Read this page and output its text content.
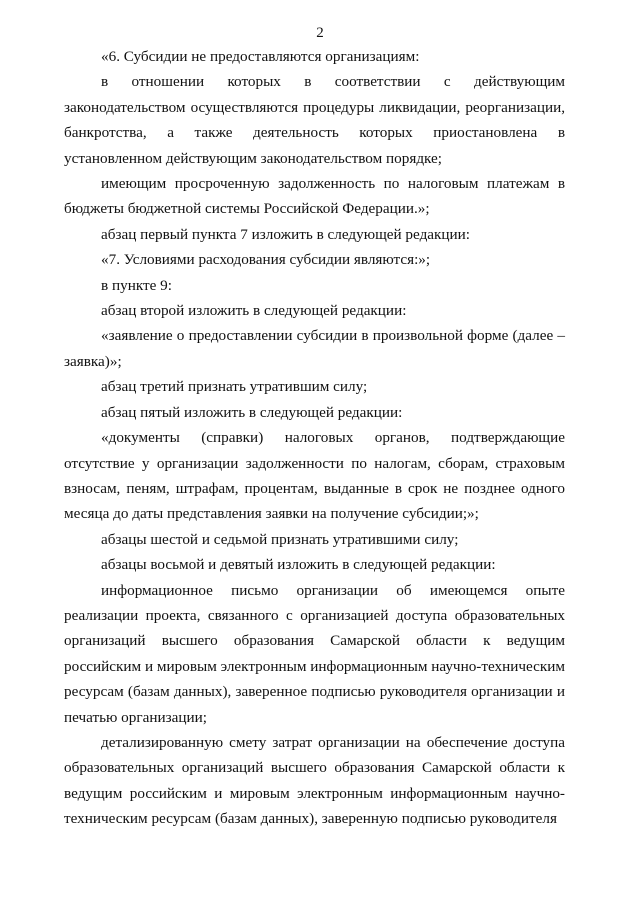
2

«6. Субсидии не предоставляются организациям:

в отношении которых в соответствии с действующим законодательством осуществляются процедуры ликвидации, реорганизации, банкротства, а также деятельность которых приостановлена в установленном действующим законодательством порядке;

имеющим просроченную задолженность по налоговым платежам в бюджеты бюджетной системы Российской Федерации.»;

абзац первый пункта 7 изложить в следующей редакции:

«7. Условиями расходования субсидии являются:»;

в пункте 9:

абзац второй изложить в следующей редакции:

«заявление о предоставлении субсидии в произвольной форме (далее – заявка)»;

абзац третий признать утратившим силу;

абзац пятый изложить в следующей редакции:

«документы (справки) налоговых органов, подтверждающие отсутствие у организации задолженности по налогам, сборам, страховым взносам, пеням, штрафам, процентам, выданные в срок не позднее одного месяца до даты представления заявки на получение субсидии;»;

абзацы шестой и седьмой признать утратившими силу;

абзацы восьмой и девятый изложить в следующей редакции:

информационное письмо организации об имеющемся опыте реализации проекта, связанного с организацией доступа образовательных организаций высшего образования Самарской области к ведущим российским и мировым электронным информационным научно-техническим ресурсам (базам данных), заверенное подписью руководителя организации и печатью организации;

детализированную смету затрат организации на обеспечение доступа образовательных организаций высшего образования Самарской области к ведущим российским и мировым электронным информационным научно-техническим ресурсам (базам данных), заверенную подписью руководителя
